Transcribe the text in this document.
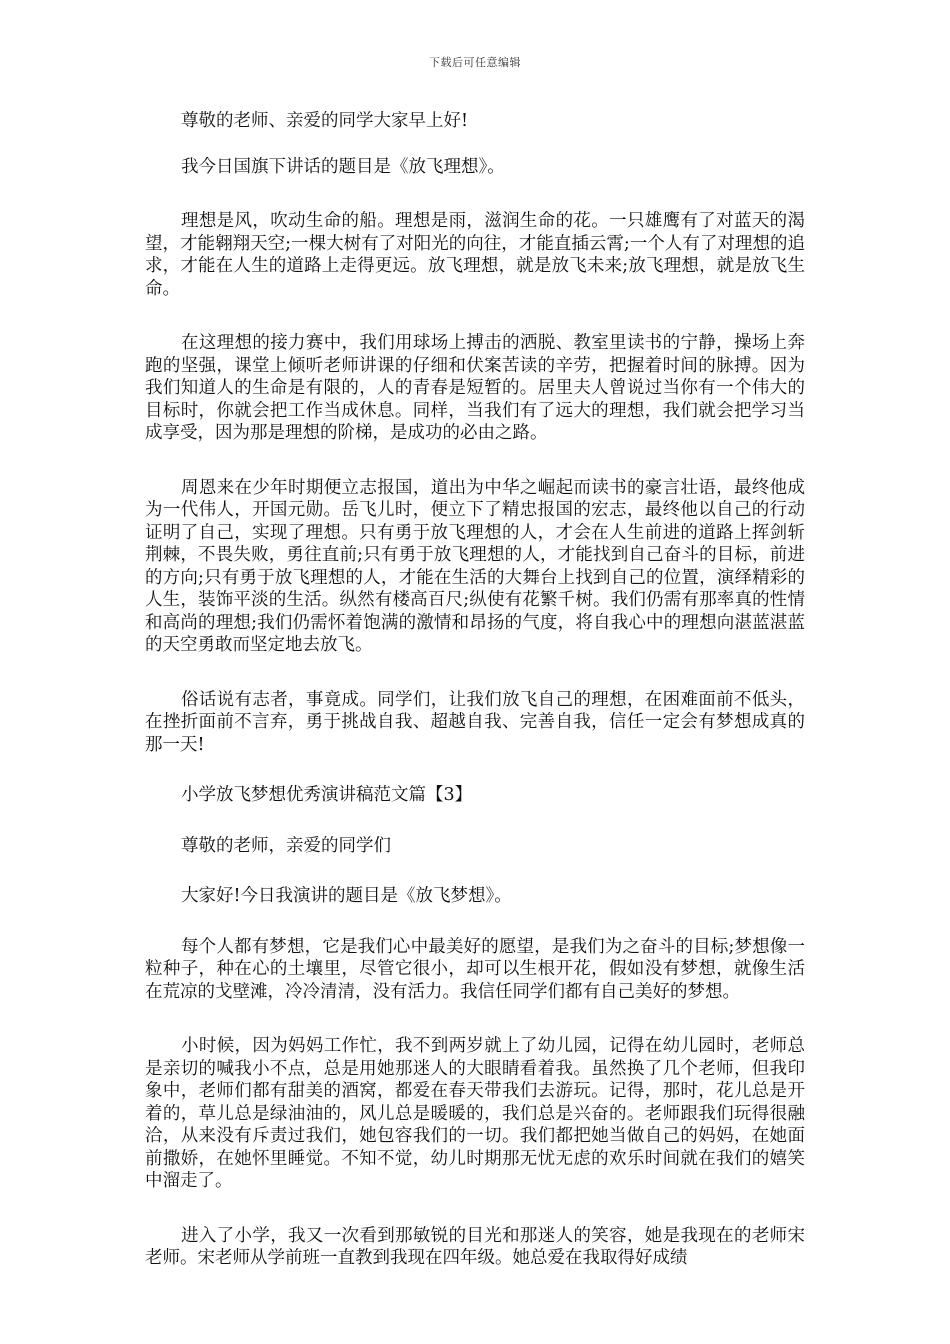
下载后可任意编辑

尊敬的老师、亲爱的同学大家早上好!

我今日国旗下讲话的题目是《放飞理想》。

理想是风，吹动生命的船。理想是雨，滋润生命的花。一只雄鹰有了对蓝天的渴望，才能翱翔天空;一棵大树有了对阳光的向往，才能直插云霄;一个人有了对理想的追求，才能在人生的道路上走得更远。放飞理想，就是放飞未来;放飞理想，就是放飞生命。

在这理想的接力赛中，我们用球场上搏击的洒脱、教室里读书的宁静，操场上奔跑的坚强，课堂上倾听老师讲课的仔细和伏案苦读的辛劳，把握着时间的脉搏。因为我们知道人的生命是有限的，人的青春是短暂的。居里夫人曾说过当你有一个伟大的目标时，你就会把工作当成休息。同样，当我们有了远大的理想，我们就会把学习当成享受，因为那是理想的阶梯，是成功的必由之路。

周恩来在少年时期便立志报国，道出为中华之崛起而读书的豪言壮语，最终他成为一代伟人，开国元勋。岳飞儿时，便立下了精忠报国的宏志，最终他以自己的行动证明了自己，实现了理想。只有勇于放飞理想的人，才会在人生前进的道路上挥剑斩荆棘，不畏失败，勇往直前;只有勇于放飞理想的人，才能找到自己奋斗的目标，前进的方向;只有勇于放飞理想的人，才能在生活的大舞台上找到自己的位置，演绎精彩的人生，装饰平淡的生活。纵然有楼高百尺;纵使有花繁千树。我们仍需有那率真的性情和高尚的理想;我们仍需怀着饱满的激情和昂扬的气度，将自我心中的理想向湛蓝湛蓝的天空勇敢而坚定地去放飞。

俗话说有志者，事竟成。同学们，让我们放飞自己的理想，在困难面前不低头，在挫折面前不言弃，勇于挑战自我、超越自我、完善自我，信任一定会有梦想成真的那一天!

小学放飞梦想优秀演讲稿范文篇【3】

尊敬的老师，亲爱的同学们

大家好!今日我演讲的题目是《放飞梦想》。

每个人都有梦想，它是我们心中最美好的愿望，是我们为之奋斗的目标;梦想像一粒种子，种在心的土壤里，尽管它很小，却可以生根开花，假如没有梦想，就像生活在荒凉的戈壁滩，冷冷清清，没有活力。我信任同学们都有自己美好的梦想。

小时候，因为妈妈工作忙，我不到两岁就上了幼儿园，记得在幼儿园时，老师总是亲切的喊我小不点，总是用她那迷人的大眼睛看着我。虽然换了几个老师，但我印象中，老师们都有甜美的酒窝，都爱在春天带我们去游玩。记得，那时，花儿总是开着的，草儿总是绿油油的，风儿总是暖暖的，我们总是兴奋的。老师跟我们玩得很融洽，从来没有斥责过我们，她包容我们的一切。我们都把她当做自己的妈妈，在她面前撒娇，在她怀里睡觉。不知不觉，幼儿时期那无忧无虑的欢乐时间就在我们的嬉笑中溜走了。

进入了小学，我又一次看到那敏锐的目光和那迷人的笑容，她是我现在的老师宋老师。宋老师从学前班一直教到我现在四年级。她总爱在我取得好成绩
